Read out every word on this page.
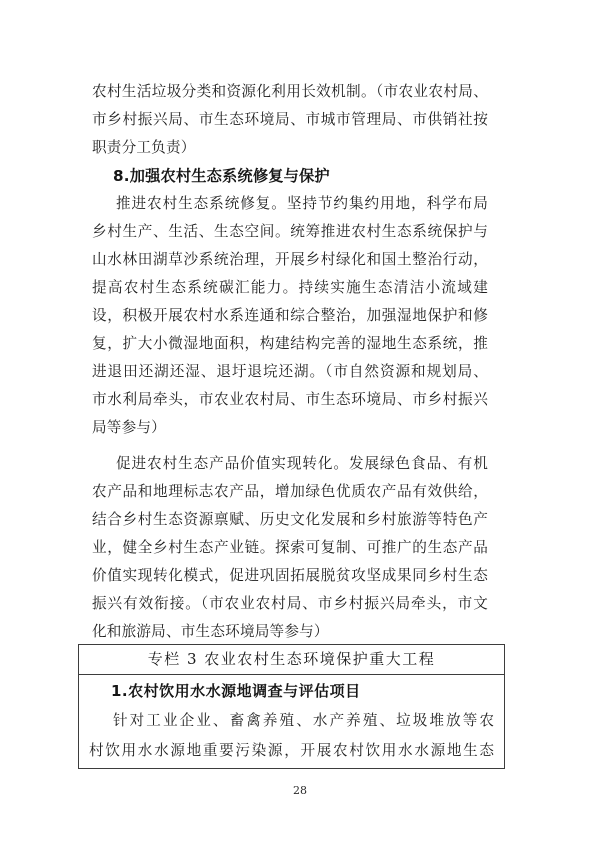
农村生活垃圾分类和资源化利用长效机制。（市农业农村局、
市乡村振兴局、市生态环境局、市城市管理局、市供销社按
职责分工负责）
8.加强农村生态系统修复与保护
推进农村生态系统修复。坚持节约集约用地，科学布局
乡村生产、生活、生态空间。统筹推进农村生态系统保护与
山水林田湖草沙系统治理，开展乡村绿化和国土整治行动，
提高农村生态系统碳汇能力。持续实施生态清洁小流域建
设，积极开展农村水系连通和综合整治，加强湿地保护和修
复，扩大小微湿地面积，构建结构完善的湿地生态系统，推
进退田还湖还湿、退圩退垸还湖。（市自然资源和规划局、
市水利局牵头，市农业农村局、市生态环境局、市乡村振兴
局等参与）
促进农村生态产品价值实现转化。发展绿色食品、有机
农产品和地理标志农产品，增加绿色优质农产品有效供给，
结合乡村生态资源禀赋、历史文化发展和乡村旅游等特色产
业，健全乡村生态产业链。探索可复制、可推广的生态产品
价值实现转化模式，促进巩固拓展脱贫攻坚成果同乡村生态
振兴有效衔接。（市农业农村局、市乡村振兴局牵头，市文
化和旅游局、市生态环境局等参与）
专栏 3 农业农村生态环境保护重大工程
1.农村饮用水水源地调查与评估项目
针对工业企业、畜禽养殖、水产养殖、垃圾堆放等农
村饮用水水源地重要污染源，开展农村饮用水水源地生态
28
